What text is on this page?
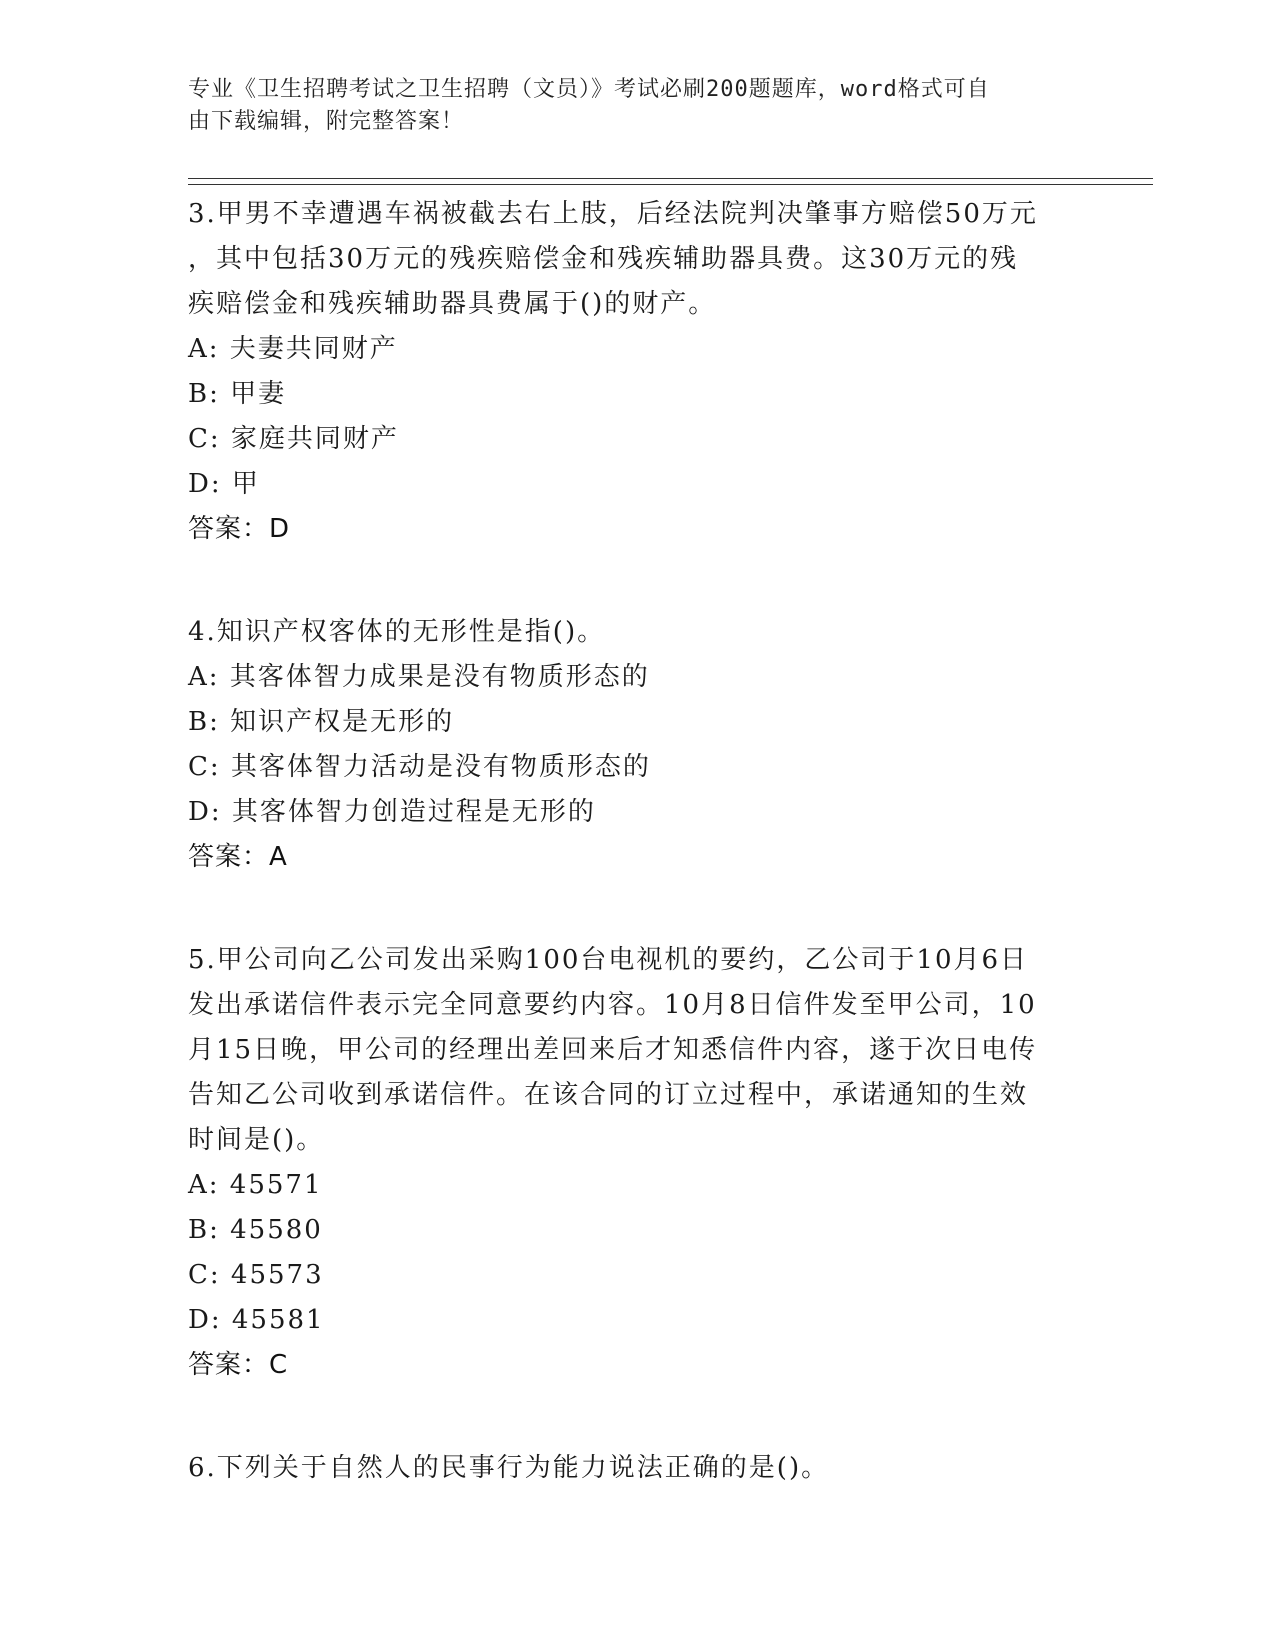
专业《卫生招聘考试之卫生招聘（文员）》考试必刷200题题库，word格式可自
由下载编辑，附完整答案！

3.甲男不幸遭遇车祸被截去右上肢，后经法院判决肇事方赔偿50万元
，其中包括30万元的残疾赔偿金和残疾辅助器具费。这30万元的残
疾赔偿金和残疾辅助器具费属于()的财产。

A: 夫妻共同财产

B: 甲妻

C: 家庭共同财产

D: 甲

答案：D

4.知识产权客体的无形性是指()。

A: 其客体智力成果是没有物质形态的

B: 知识产权是无形的

C: 其客体智力活动是没有物质形态的

D: 其客体智力创造过程是无形的

答案：A

5.甲公司向乙公司发出采购100台电视机的要约，乙公司于10月6日
发出承诺信件表示完全同意要约内容。10月8日信件发至甲公司，10
月15日晚，甲公司的经理出差回来后才知悉信件内容，遂于次日电传
告知乙公司收到承诺信件。在该合同的订立过程中，承诺通知的生效
时间是()。

A: 45571

B: 45580

C: 45573

D: 45581

答案：C

6.下列关于自然人的民事行为能力说法正确的是()。
